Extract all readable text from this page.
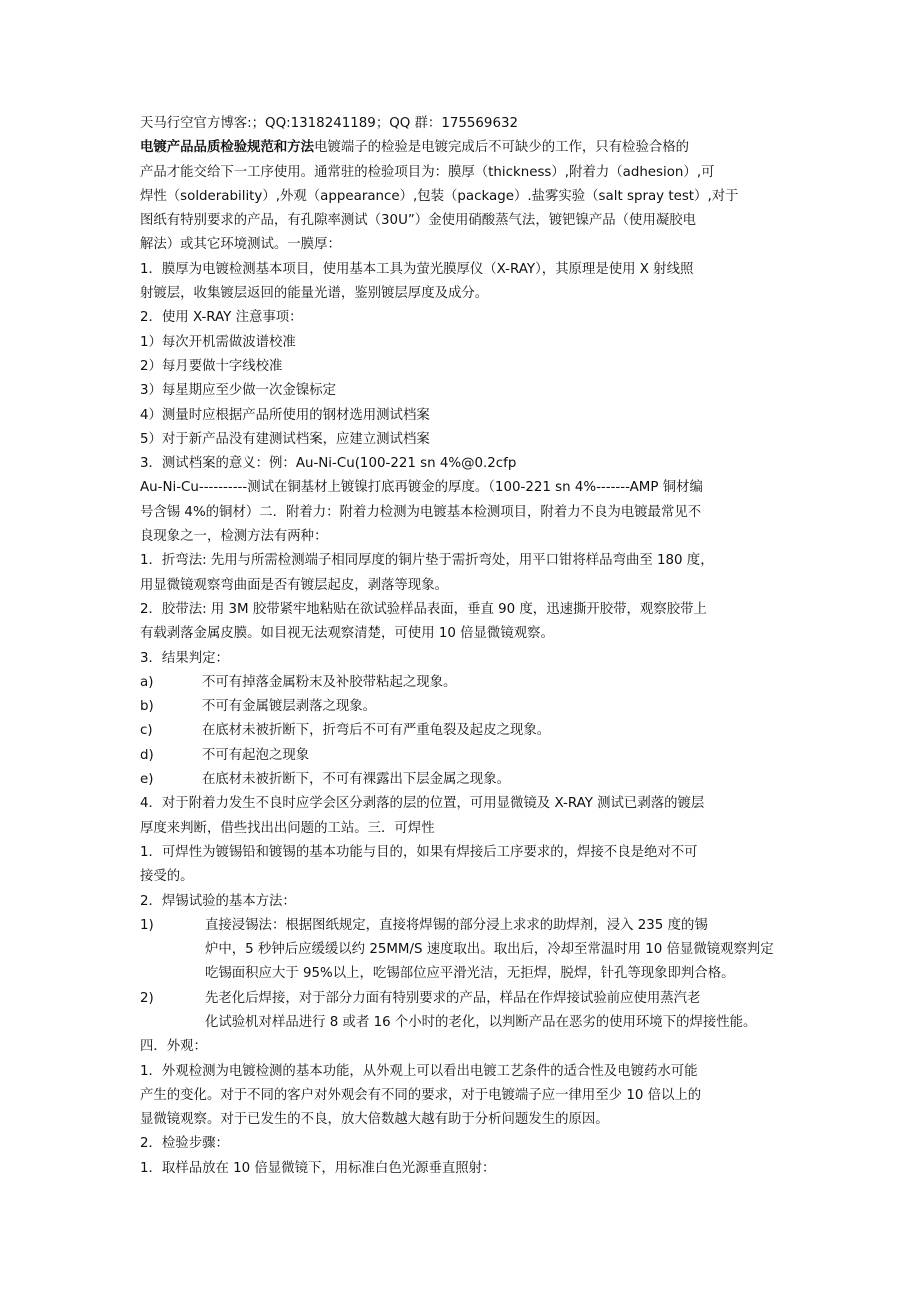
天马行空官方博客:；QQ:1318241189；QQ 群：175569632
电镀产品品质检验规范和方法电镀端子的检验是电镀完成后不可缺少的工作，只有检验合格的
产品才能交给下一工序使用。通常驻的检验项目为：膜厚（thickness）,附着力（adhesion）,可
焊性（solderability）,外观（appearance）,包装（package）.盐雾实验（salt spray test）,对于
图纸有特别要求的产品，有孔隙率测试（30U”）金使用硝酸蒸气法，镀钯镍产品（使用凝胶电
解法）或其它环境测试。一膜厚：
1．膜厚为电镀检测基本项目，使用基本工具为萤光膜厚仪（X-RAY），其原理是使用 X 射线照
射镀层，收集镀层返回的能量光谱，鉴别镀层厚度及成分。
2．使用 X-RAY 注意事项：
1）每次开机需做波谱校准
2）每月要做十字线校准
3）每星期应至少做一次金镍标定
4）测量时应根据产品所使用的钢材选用测试档案
5）对于新产品没有建测试档案，应建立测试档案
3．测试档案的意义：例：Au-Ni-Cu(100-221 sn 4%@0.2cfp
Au-Ni-Cu----------测试在铜基材上镀镍打底再镀金的厚度。（100-221 sn 4%-------AMP 铜材编
号含锡 4%的铜材）二．附着力：附着力检测为电镀基本检测项目，附着力不良为电镀最常见不
良现象之一，检测方法有两种：
1．折弯法: 先用与所需检测端子相同厚度的铜片垫于需折弯处，用平口钳将样品弯曲至 180 度，
用显微镜观察弯曲面是否有镀层起皮，剥落等现象。
2．胶带法: 用 3M 胶带紧牢地粘贴在欲试验样品表面，垂直 90 度，迅速撕开胶带，观察胶带上
有载剥落金属皮膜。如目视无法观察清楚，可使用 10 倍显微镜观察。
3．结果判定：
a)	不可有掉落金属粉末及补胶带粘起之现象。
b)	不可有金属镀层剥落之现象。
c)	在底材未被折断下，折弯后不可有严重龟裂及起皮之现象。
d)	不可有起泡之现象
e)	在底材未被折断下，不可有裸露出下层金属之现象。
4．对于附着力发生不良时应学会区分剥落的层的位置，可用显微镜及 X-RAY 测试已剥落的镀层
厚度来判断，借些找出出问题的工站。三．可焊性
1．可焊性为镀锡铅和镀锡的基本功能与目的，如果有焊接后工序要求的，焊接不良是绝对不可
接受的。
2．焊锡试验的基本方法：
1)	直接浸锡法：根据图纸规定，直接将焊锡的部分浸上求求的助焊剂，浸入 235 度的锡
炉中，5 秒钟后应缓缓以约 25MM/S 速度取出。取出后，冷却至常温时用 10 倍显微镜观察判定
吃锡面积应大于 95%以上，吃锡部位应平滑光洁，无拒焊，脱焊，针孔等现象即判合格。
2)	先老化后焊接，对于部分力面有特别要求的产品，样品在作焊接试验前应使用蒸汽老
化试验机对样品进行 8 或者 16 个小时的老化，以判断产品在恶劣的使用环境下的焊接性能。
四．外观：
1．外观检测为电镀检测的基本功能，从外观上可以看出电镀工艺条件的适合性及电镀药水可能
产生的变化。对于不同的客户对外观会有不同的要求，对于电镀端子应一律用至少 10 倍以上的
显微镜观察。对于已发生的不良，放大倍数越大越有助于分析问题发生的原因。
2．检验步骤：
1．取样品放在 10 倍显微镜下，用标准白色光源垂直照射：
